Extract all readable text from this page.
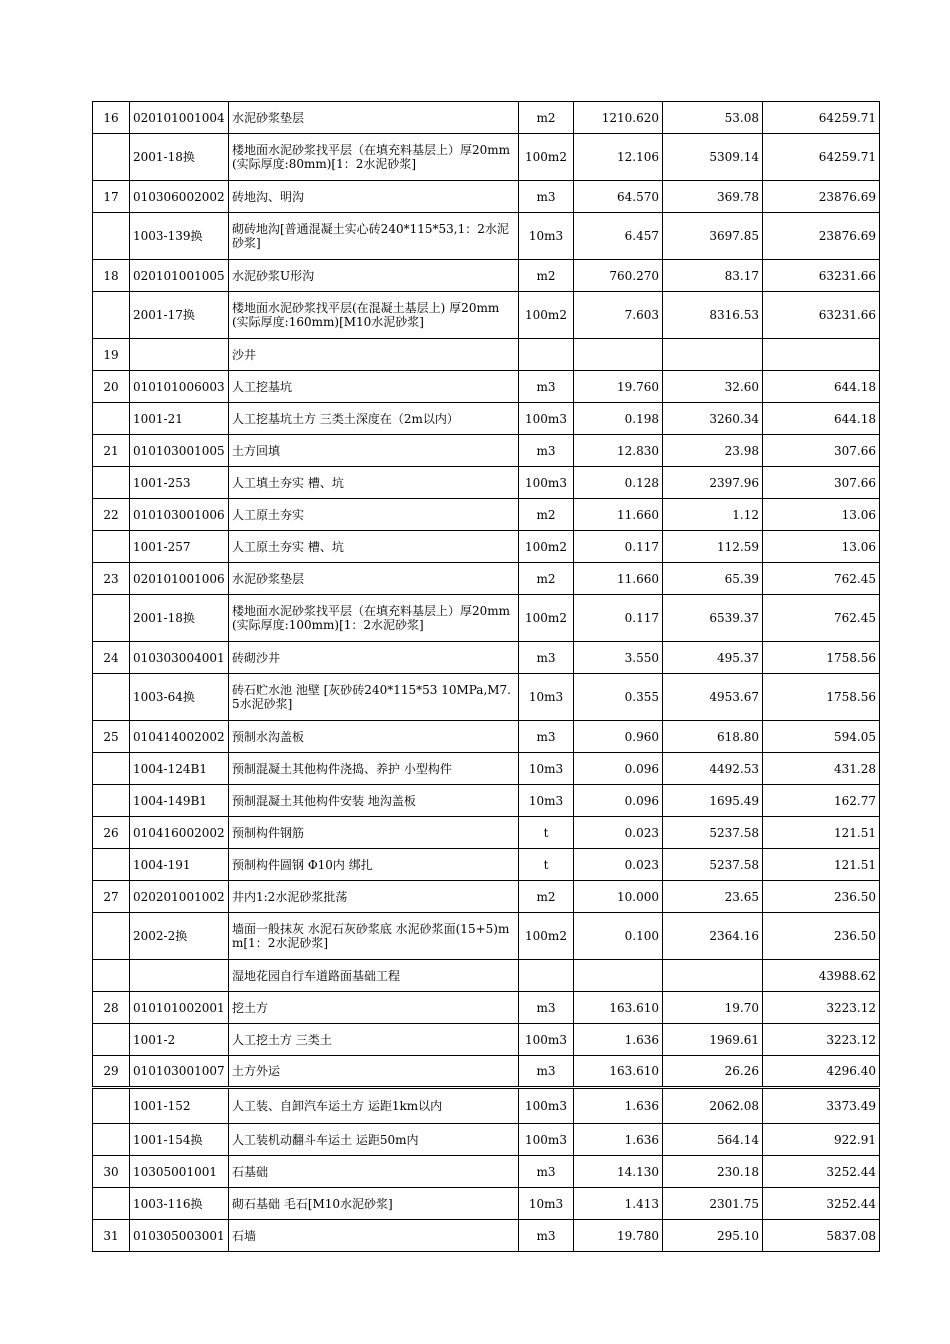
16	020101001004	水泥砂浆垫层	m2	1210.620	53.08	64259.71
	2001-18换	楼地面水泥砂浆找平层（在填充料基层上）厚20mm(实际厚度:80mm)[1：2水泥砂浆]	100m2	12.106	5309.14	64259.71
17	010306002002	砖地沟、明沟	m3	64.570	369.78	23876.69
	1003-139换	砌砖地沟[普通混凝土实心砖240*115*53,1：2水泥砂浆]	10m3	6.457	3697.85	23876.69
18	020101001005	水泥砂浆U形沟	m2	760.270	83.17	63231.66
	2001-17换	楼地面水泥砂浆找平层(在混凝土基层上) 厚20mm(实际厚度:160mm)[M10水泥砂浆]	100m2	7.603	8316.53	63231.66
19		沙井				
20	010101006003	人工挖基坑	m3	19.760	32.60	644.18
	1001-21	人工挖基坑土方 三类土深度在（2m以内）	100m3	0.198	3260.34	644.18
21	010103001005	土方回填	m3	12.830	23.98	307.66
	1001-253	人工填土夯实 槽、坑	100m3	0.128	2397.96	307.66
22	010103001006	人工原土夯实	m2	11.660	1.12	13.06
	1001-257	人工原土夯实 槽、坑	100m2	0.117	112.59	13.06
23	020101001006	水泥砂浆垫层	m2	11.660	65.39	762.45
	2001-18换	楼地面水泥砂浆找平层（在填充料基层上）厚20mm(实际厚度:100mm)[1：2水泥砂浆]	100m2	0.117	6539.37	762.45
24	010303004001	砖砌沙井	m3	3.550	495.37	1758.56
	1003-64换	砖石贮水池 池壁 [灰砂砖240*115*53 10MPa,M7.5水泥砂浆]	10m3	0.355	4953.67	1758.56
25	010414002002	预制水沟盖板	m3	0.960	618.80	594.05
	1004-124B1	预制混凝土其他构件浇捣、养护 小型构件	10m3	0.096	4492.53	431.28
	1004-149B1	预制混凝土其他构件安装 地沟盖板	10m3	0.096	1695.49	162.77
26	010416002002	预制构件钢筋	t	0.023	5237.58	121.51
	1004-191	预制构件圆钢 Φ10内 绑扎	t	0.023	5237.58	121.51
27	020201001002	井内1:2水泥砂浆批荡	m2	10.000	23.65	236.50
	2002-2换	墙面一般抹灰 水泥石灰砂浆底 水泥砂浆面(15+5)mm[1：2水泥砂浆]	100m2	0.100	2364.16	236.50
		湿地花园自行车道路面基础工程				43988.62
28	010101002001	挖土方	m3	163.610	19.70	3223.12
	1001-2	人工挖土方 三类土	100m3	1.636	1969.61	3223.12
29	010103001007	土方外运	m3	163.610	26.26	4296.40
	1001-152	人工装、自卸汽车运土方 运距1km以内	100m3	1.636	2062.08	3373.49
	1001-154换	人工装机动翻斗车运土 运距50m内	100m3	1.636	564.14	922.91
30	10305001001	石基础	m3	14.130	230.18	3252.44
	1003-116换	砌石基础 毛石[M10水泥砂浆]	10m3	1.413	2301.75	3252.44
31	010305003001	石墙	m3	19.780	295.10	5837.08
